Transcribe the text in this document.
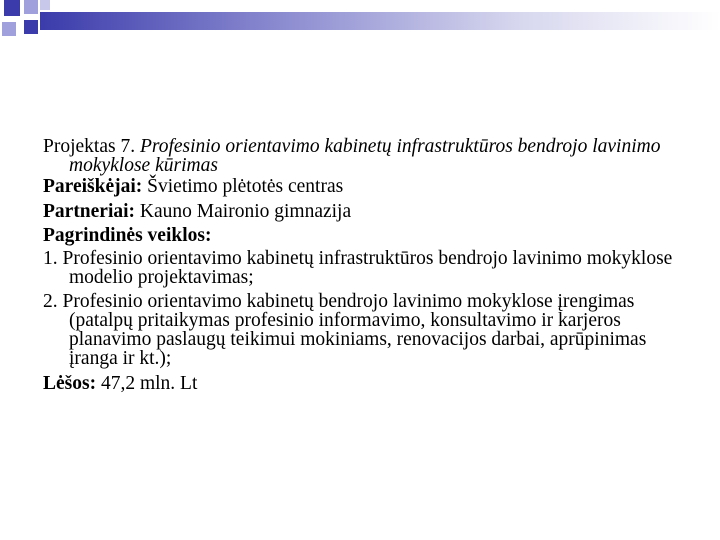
Projektas 7. Profesinio orientavimo kabinetų infrastruktūros bendrojo lavinimo mokyklose kūrimas

Pareiškėjai: Švietimo plėtotės centras

Partneriai: Kauno Maironio gimnazija

Pagrindinės veiklos:

1. Profesinio orientavimo kabinetų infrastruktūros bendrojo lavinimo mokyklose modelio projektavimas;

2. Profesinio orientavimo kabinetų bendrojo lavinimo mokyklose įrengimas (patalpų pritaikymas profesinio informavimo, konsultavimo ir karjeros planavimo paslaugų teikimui mokiniams, renovacijos darbai, aprūpinimas įranga ir kt.);

Lėšos: 47,2 mln. Lt
